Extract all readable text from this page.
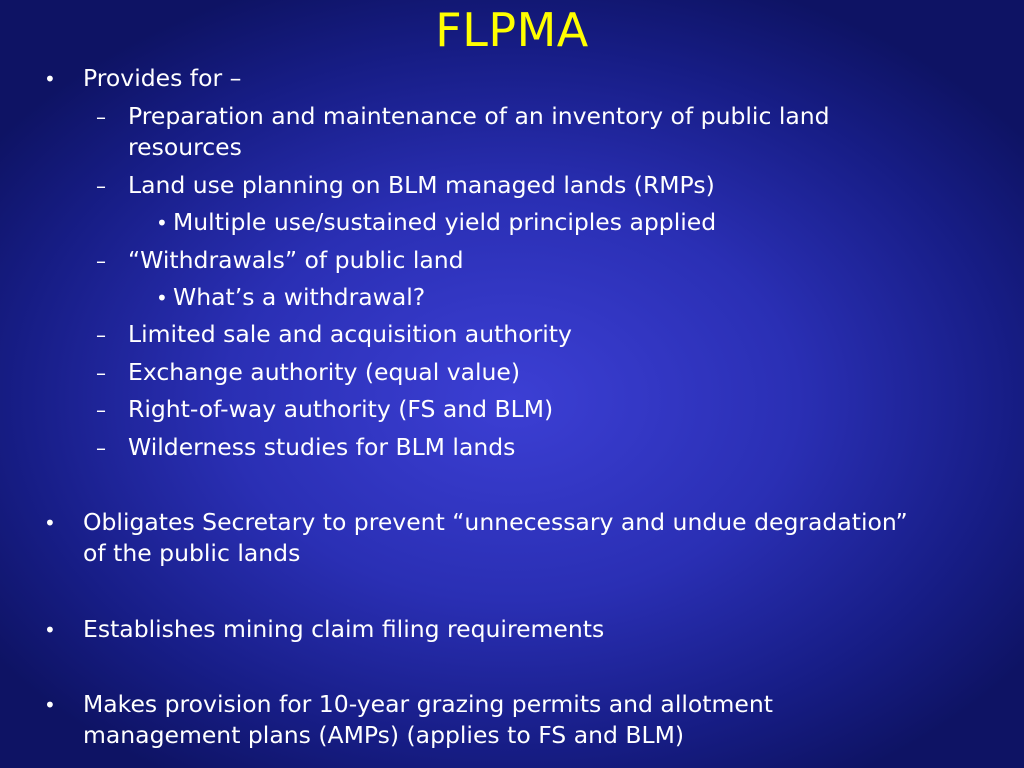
FLPMA
• Provides for –
– Preparation and maintenance of an inventory of public land
resources
– Land use planning on BLM managed lands (RMPs)
• Multiple use/sustained yield principles applied
– “Withdrawals” of public land
• What’s a withdrawal?
– Limited sale and acquisition authority
– Exchange authority (equal value)
– Right-of-way authority (FS and BLM)
– Wilderness studies for BLM lands
• Obligates Secretary to prevent “unnecessary and undue degradation”
of the public lands
• Establishes mining claim filing requirements
• Makes provision for 10-year grazing permits and allotment
management plans (AMPs) (applies to FS and BLM)
